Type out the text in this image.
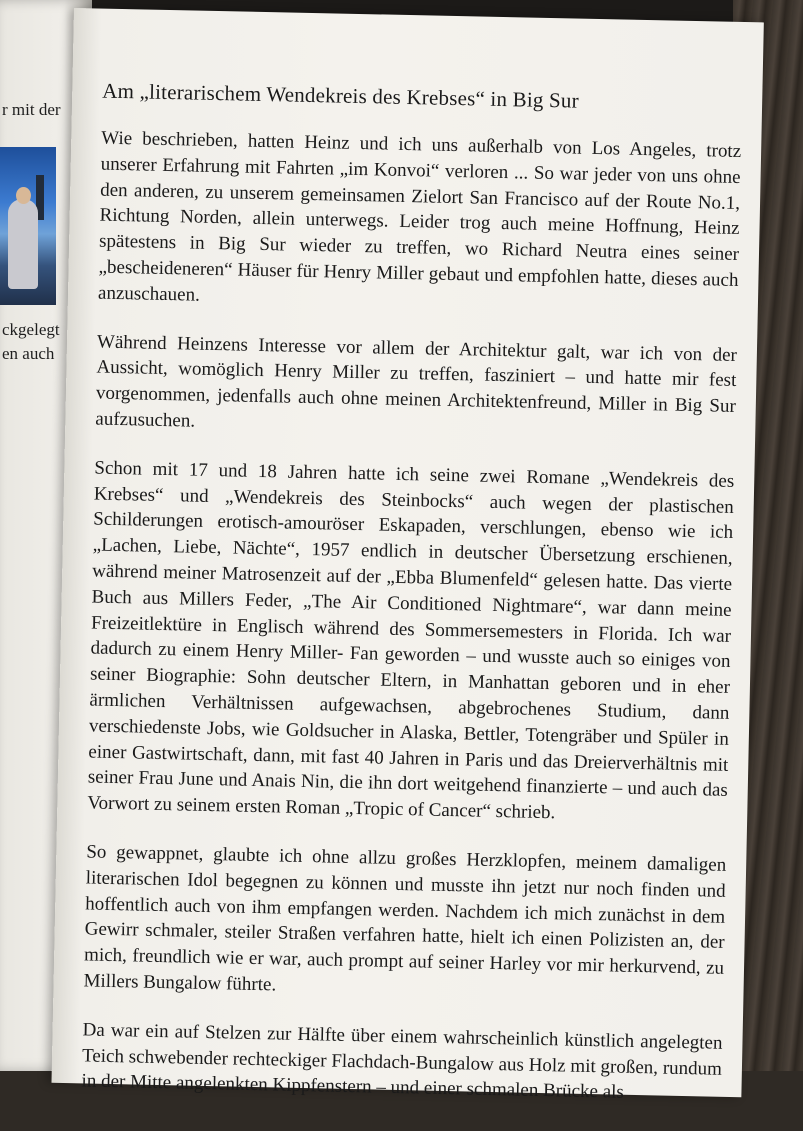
r mit der
ckgelegt
en auch
Am „literarischem Wendekreis des Krebses“ in Big Sur

Wie beschrieben, hatten Heinz und ich uns außerhalb von Los Angeles, trotz unserer Erfahrung mit Fahrten „im Konvoi“ verloren ... So war jeder von uns ohne den anderen, zu unserem gemeinsamen Zielort San Francisco auf der Route No.1, Richtung Norden, allein unterwegs. Leider trog auch meine Hoffnung, Heinz spätestens in Big Sur wieder zu treffen, wo Richard Neutra eines seiner „bescheideneren“ Häuser für Henry Miller gebaut und empfohlen hatte, dieses auch anzuschauen.

Während Heinzens Interesse vor allem der Architektur galt, war ich von der Aussicht, womöglich Henry Miller zu treffen, fasziniert – und hatte mir fest vorgenommen, jedenfalls auch ohne meinen Architektenfreund, Miller in Big Sur aufzusuchen.

Schon mit 17 und 18 Jahren hatte ich seine zwei Romane „Wendekreis des Krebses“ und „Wendekreis des Steinbocks“ auch wegen der plastischen Schilderungen erotisch-amouröser Eskapaden, verschlungen, ebenso wie ich „Lachen, Liebe, Nächte“, 1957 endlich in deutscher Übersetzung erschienen, während meiner Matrosenzeit auf der „Ebba Blumenfeld“ gelesen hatte. Das vierte Buch aus Millers Feder, „The Air Conditioned Nightmare“, war dann meine Freizeitlektüre in Englisch während des Sommersemesters in Florida. Ich war dadurch zu einem Henry Miller- Fan geworden – und wusste auch so einiges von seiner Biographie: Sohn deutscher Eltern, in Manhattan geboren und in eher ärmlichen Verhältnissen aufgewachsen, abgebrochenes Studium, dann verschiedenste Jobs, wie Goldsucher in Alaska, Bettler, Totengräber und Spüler in einer Gastwirtschaft, dann, mit fast 40 Jahren in Paris und das Dreierverhältnis mit seiner Frau June und Anais Nin, die ihn dort weitgehend finanzierte – und auch das Vorwort zu seinem ersten Roman „Tropic of Cancer“ schrieb.

So gewappnet, glaubte ich ohne allzu großes Herzklopfen, meinem damaligen literarischen Idol begegnen zu können und musste ihn jetzt nur noch finden und hoffentlich auch von ihm empfangen werden. Nachdem ich mich zunächst in dem Gewirr schmaler, steiler Straßen verfahren hatte, hielt ich einen Polizisten an, der mich, freundlich wie er war, auch prompt auf seiner Harley vor mir herkurvend, zu Millers Bungalow führte.

Da war ein auf Stelzen zur Hälfte über einem wahrscheinlich künstlich angelegten Teich schwebender rechteckiger Flachdach-Bungalow aus Holz mit großen, rundum in der Mitte angelenkten Kippfenstern – und einer schmalen Brücke als
